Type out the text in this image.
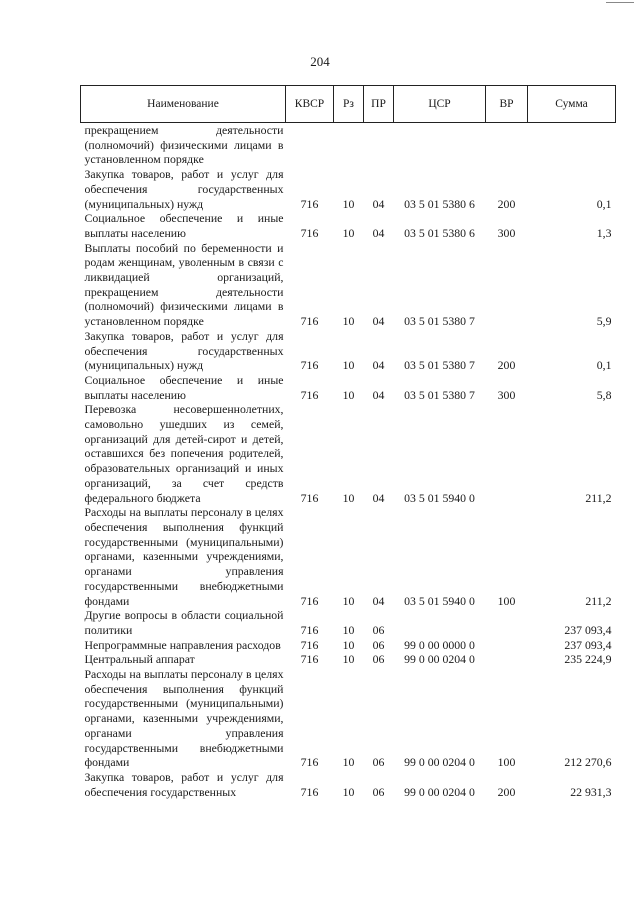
204
Наименование	КВСР	Рз	ПР	ЦСР	ВР	Сумма
прекращением деятельности (полномочий) физическими лицами в установленном порядке						
Закупка товаров, работ и услуг для обеспечения государственных (муниципальных) нужд	716	10	04	03 5 01 5380 6	200	0,1
Социальное обеспечение и иные выплаты населению	716	10	04	03 5 01 5380 6	300	1,3
Выплаты пособий по беременности и родам женщинам, уволенным в связи с ликвидацией организаций, прекращением деятельности (полномочий) физическими лицами в установленном порядке	716	10	04	03 5 01 5380 7		5,9
Закупка товаров, работ и услуг для обеспечения государственных (муниципальных) нужд	716	10	04	03 5 01 5380 7	200	0,1
Социальное обеспечение и иные выплаты населению	716	10	04	03 5 01 5380 7	300	5,8
Перевозка несовершеннолетних, самовольно ушедших из семей, организаций для детей-сирот и детей, оставшихся без попечения родителей, образовательных организаций и иных организаций, за счет средств федерального бюджета	716	10	04	03 5 01 5940 0		211,2
Расходы на выплаты персоналу в целях обеспечения выполнения функций государственными (муниципальными) органами, казенными учреждениями, органами управления государственными внебюджетными фондами	716	10	04	03 5 01 5940 0	100	211,2
Другие вопросы в области социальной политики	716	10	06			237 093,4
Непрограммные направления расходов	716	10	06	99 0 00 0000 0		237 093,4
Центральный аппарат	716	10	06	99 0 00 0204 0		235 224,9
Расходы на выплаты персоналу в целях обеспечения выполнения функций государственными (муниципальными) органами, казенными учреждениями, органами управления государственными внебюджетными фондами	716	10	06	99 0 00 0204 0	100	212 270,6
Закупка товаров, работ и услуг для обеспечения государственных	716	10	06	99 0 00 0204 0	200	22 931,3
